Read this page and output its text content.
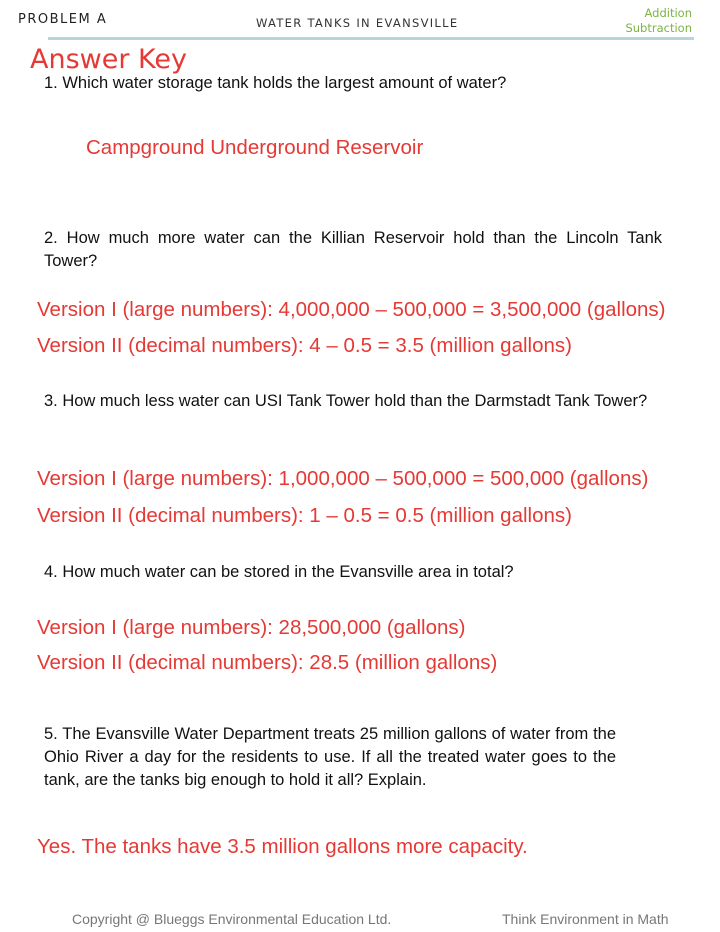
PROBLEM A	WATER TANKS IN EVANSVILLE
Addition
Subtraction
Answer Key
1. Which water storage tank holds the largest amount of water?
Campground Underground Reservoir
2. How much more water can the Killian Reservoir hold than the Lincoln Tank Tower?
Version I (large numbers): 4,000,000 – 500,000 = 3,500,000 (gallons)
Version II (decimal numbers): 4 – 0.5 = 3.5 (million gallons)
3. How much less water can USI Tank Tower hold than the Darmstadt Tank Tower?
Version I (large numbers): 1,000,000 – 500,000 = 500,000 (gallons)
Version II (decimal numbers): 1 – 0.5 = 0.5 (million gallons)
4. How much water can be stored in the Evansville area in total?
Version I (large numbers): 28,500,000 (gallons)
Version II (decimal numbers): 28.5 (million gallons)
5. The Evansville Water Department treats 25 million gallons of water from the Ohio River a day for the residents to use. If all the treated water goes to the tank, are the tanks big enough to hold it all? Explain.
Yes. The tanks have 3.5 million gallons more capacity.
Copyright @ Blueggs Environmental Education Ltd.	Think Environment in Math
